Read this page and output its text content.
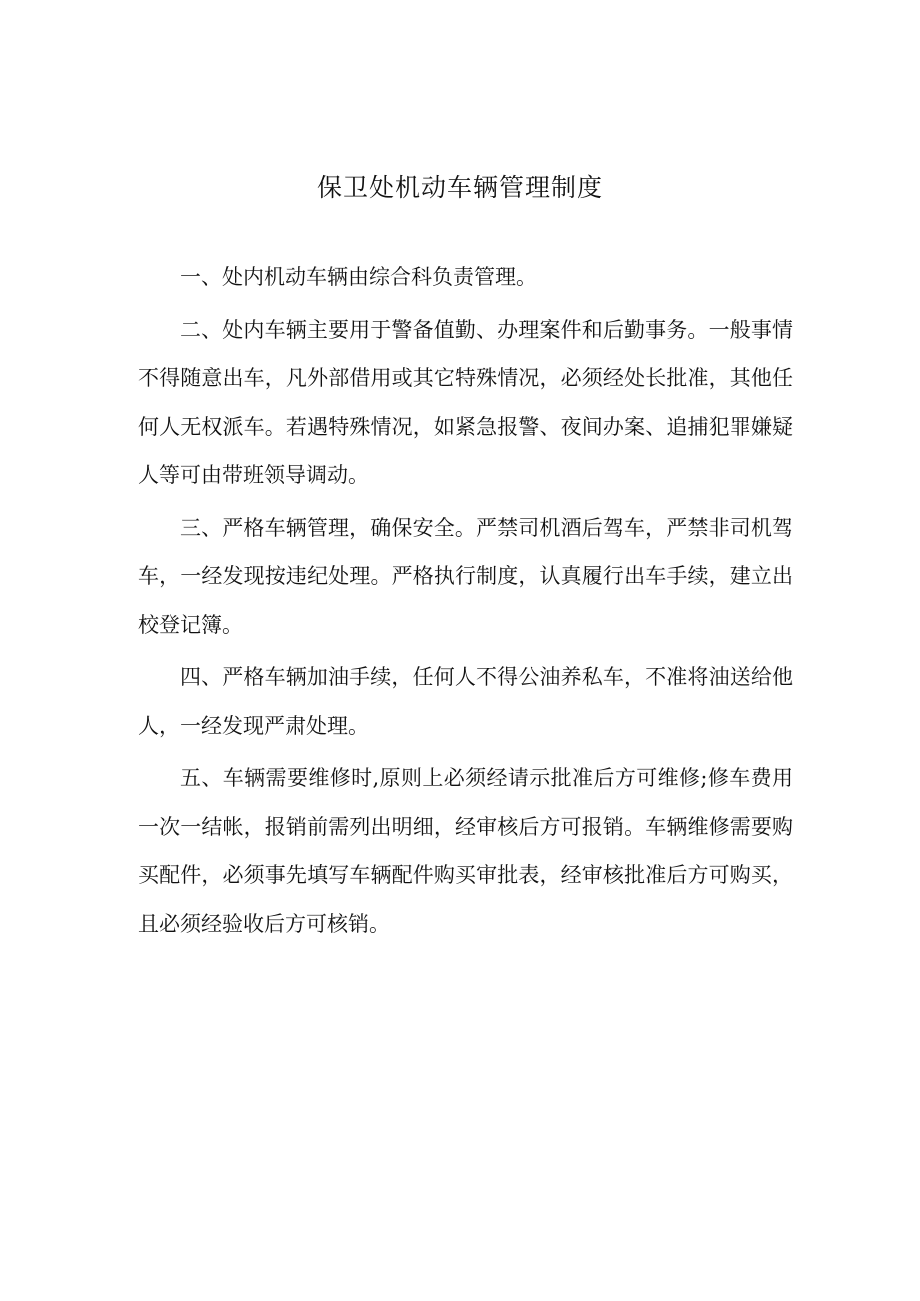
保卫处机动车辆管理制度

一、处内机动车辆由综合科负责管理。

二、处内车辆主要用于警备值勤、办理案件和后勤事务。一般事情不得随意出车，凡外部借用或其它特殊情况，必须经处长批准，其他任何人无权派车。若遇特殊情况，如紧急报警、夜间办案、追捕犯罪嫌疑人等可由带班领导调动。

三、严格车辆管理，确保安全。严禁司机酒后驾车，严禁非司机驾车，一经发现按违纪处理。严格执行制度，认真履行出车手续，建立出校登记簿。

四、严格车辆加油手续，任何人不得公油养私车，不准将油送给他人，一经发现严肃处理。

五、车辆需要维修时,原则上必须经请示批准后方可维修;修车费用一次一结帐，报销前需列出明细，经审核后方可报销。车辆维修需要购买配件，必须事先填写车辆配件购买审批表，经审核批准后方可购买，且必须经验收后方可核销。
